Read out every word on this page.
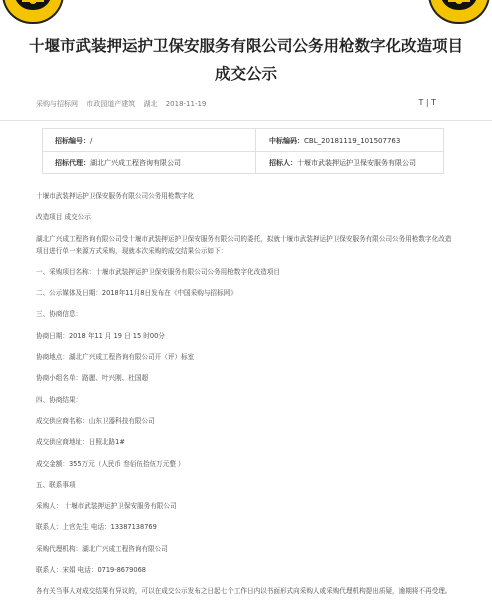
十堰市武装押运护卫保安服务有限公司公务用枪数字化改造项目
成交公示
采购与招标网 市政园道产建筑 湖北 2018-11-19	T | T
招标编号：/	中标编码：CBL_20181119_101507763
招标代理：湖北广兴成工程咨询有限公司	招标人：十堰市武装押运护卫保安服务有限公司

十堰市武装押运护卫保安服务有限公司公务用枪数字化

改造项目 成交公示

湖北广兴成工程咨询有限公司受十堰市武装押运护卫保安服务有限公司的委托，拟就十堰市武装押运护卫保安服务有限公司公务用枪数字化改造项目进行单一来源方式采购，现就本次采购的成交结果公示如下：

一、采购项目名称：十堰市武装押运护卫保安服务有限公司公务用枪数字化改造项目

二、公示媒体及日期：2018年11月8日发布在《中国采购与招标网》

三、协商信息：

协商日期：2018 年11 月 19 日 15 时00分

协商地点：湖北广兴成工程咨询有限公司开（评）标室

协商小组名单：路麗、叶兴刚、杜国超

四、协商结果：

成交供应商名称：山东卫器科技有限公司

成交供应商地址：日照北路1#

成交金额：355万元（人民币 叁佰伍拾伍万元整 ）

五、联系事项

采购人： 十堰市武装押运护卫保安服务有限公司

联系人：上官先生 电话：13387138769

采购代理机构：湖北广兴成工程咨询有限公司

联系人：宋娟 电话：0719-8679068

各有关当事人对成交结果有异议的，可以在成交公示发布之日起七个工作日内以书面形式向采购人或采购代理机构提出质疑，逾期将不再受理。
